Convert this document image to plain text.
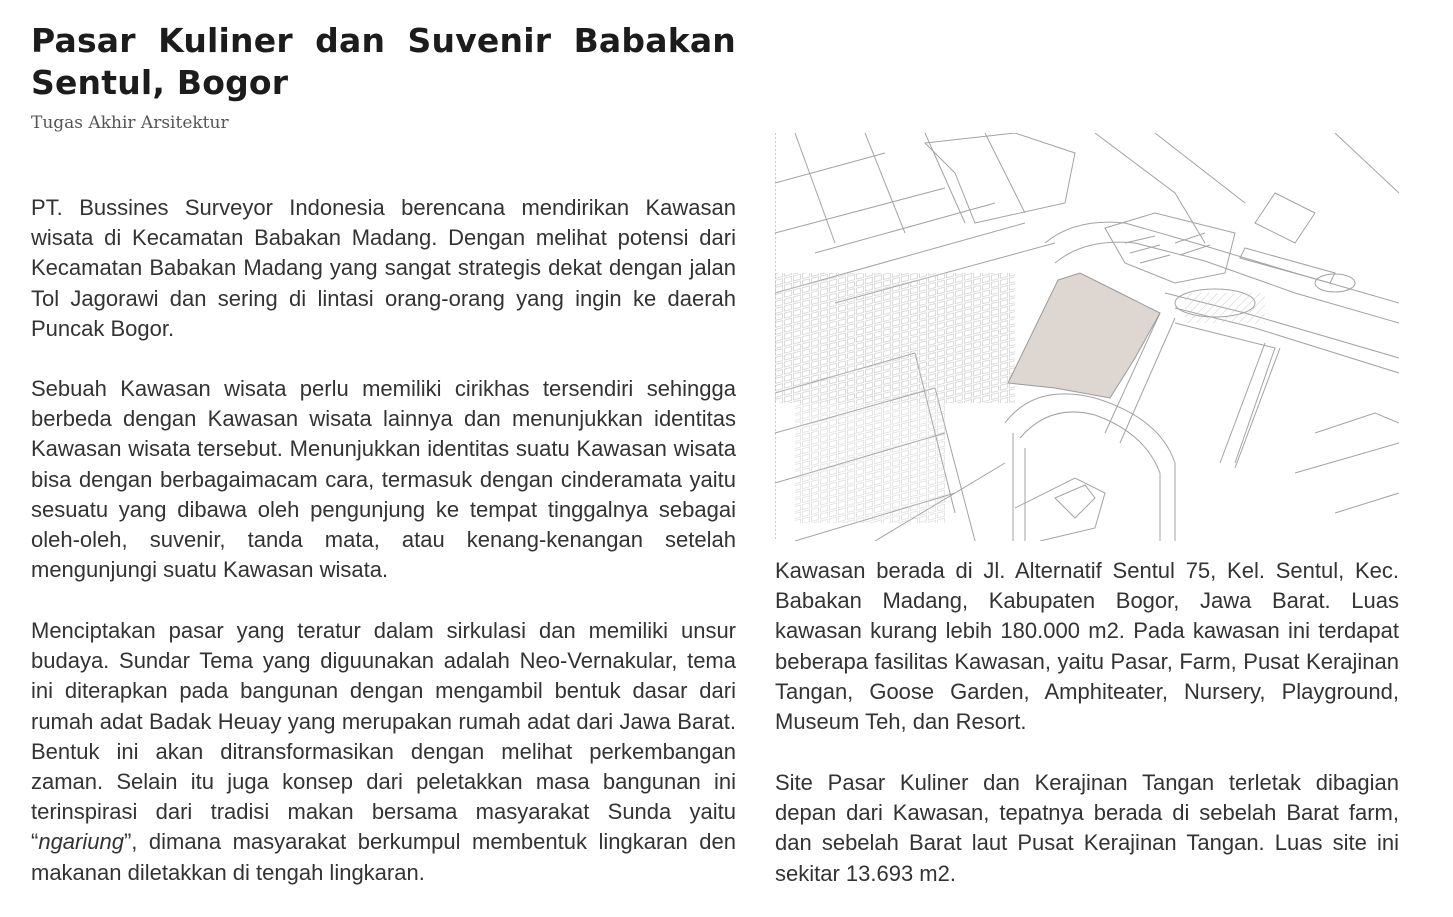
Pasar Kuliner dan Suvenir Babakan Sentul, Bogor
Tugas Akhir Arsitektur

PT. Bussines Surveyor Indonesia berencana mendirikan Kawasan wisata di Kecamatan Babakan Madang. Dengan melihat potensi dari Kecamatan Babakan Madang yang sangat strategis dekat dengan jalan Tol Jagorawi dan sering di lintasi orang-orang yang ingin ke daerah Puncak Bogor.

Sebuah Kawasan wisata perlu memiliki cirikhas tersendiri sehingga berbeda dengan Kawasan wisata lainnya dan menunjukkan identitas Kawasan wisata tersebut. Menunjukkan identitas suatu Kawasan wisata bisa dengan berbagaimacam cara, termasuk dengan cinderamata yaitu sesuatu yang dibawa oleh pengunjung ke tempat tinggalnya sebagai oleh-oleh, suvenir, tanda mata, atau kenang-kenangan setelah mengunjungi suatu Kawasan wisata.

Menciptakan pasar yang teratur dalam sirkulasi dan memiliki unsur budaya. Sundar Tema yang diguunakan adalah Neo-Vernakular, tema ini diterapkan pada bangunan dengan mengambil bentuk dasar dari rumah adat Badak Heuay yang merupakan rumah adat dari Jawa Barat. Bentuk ini akan ditransformasikan dengan melihat perkembangan zaman. Selain itu juga konsep dari peletakkan masa bangunan ini terinspirasi dari tradisi makan bersama masyarakat Sunda yaitu “ngariung”, dimana masyarakat berkumpul membentuk lingkaran den makanan diletakkan di tengah lingkaran.

Kawasan berada di Jl. Alternatif Sentul 75, Kel. Sentul, Kec. Babakan Madang, Kabupaten Bogor, Jawa Barat. Luas kawasan kurang lebih 180.000 m2. Pada kawasan ini terdapat beberapa fasilitas Kawasan, yaitu Pasar, Farm, Pusat Kerajinan Tangan, Goose Garden, Amphiteater, Nursery, Playground, Museum Teh, dan Resort.

Site Pasar Kuliner dan Kerajinan Tangan terletak dibagian depan dari Kawasan, tepatnya berada di sebelah Barat farm, dan sebelah Barat laut Pusat Kerajinan Tangan. Luas site ini sekitar 13.693 m2.
